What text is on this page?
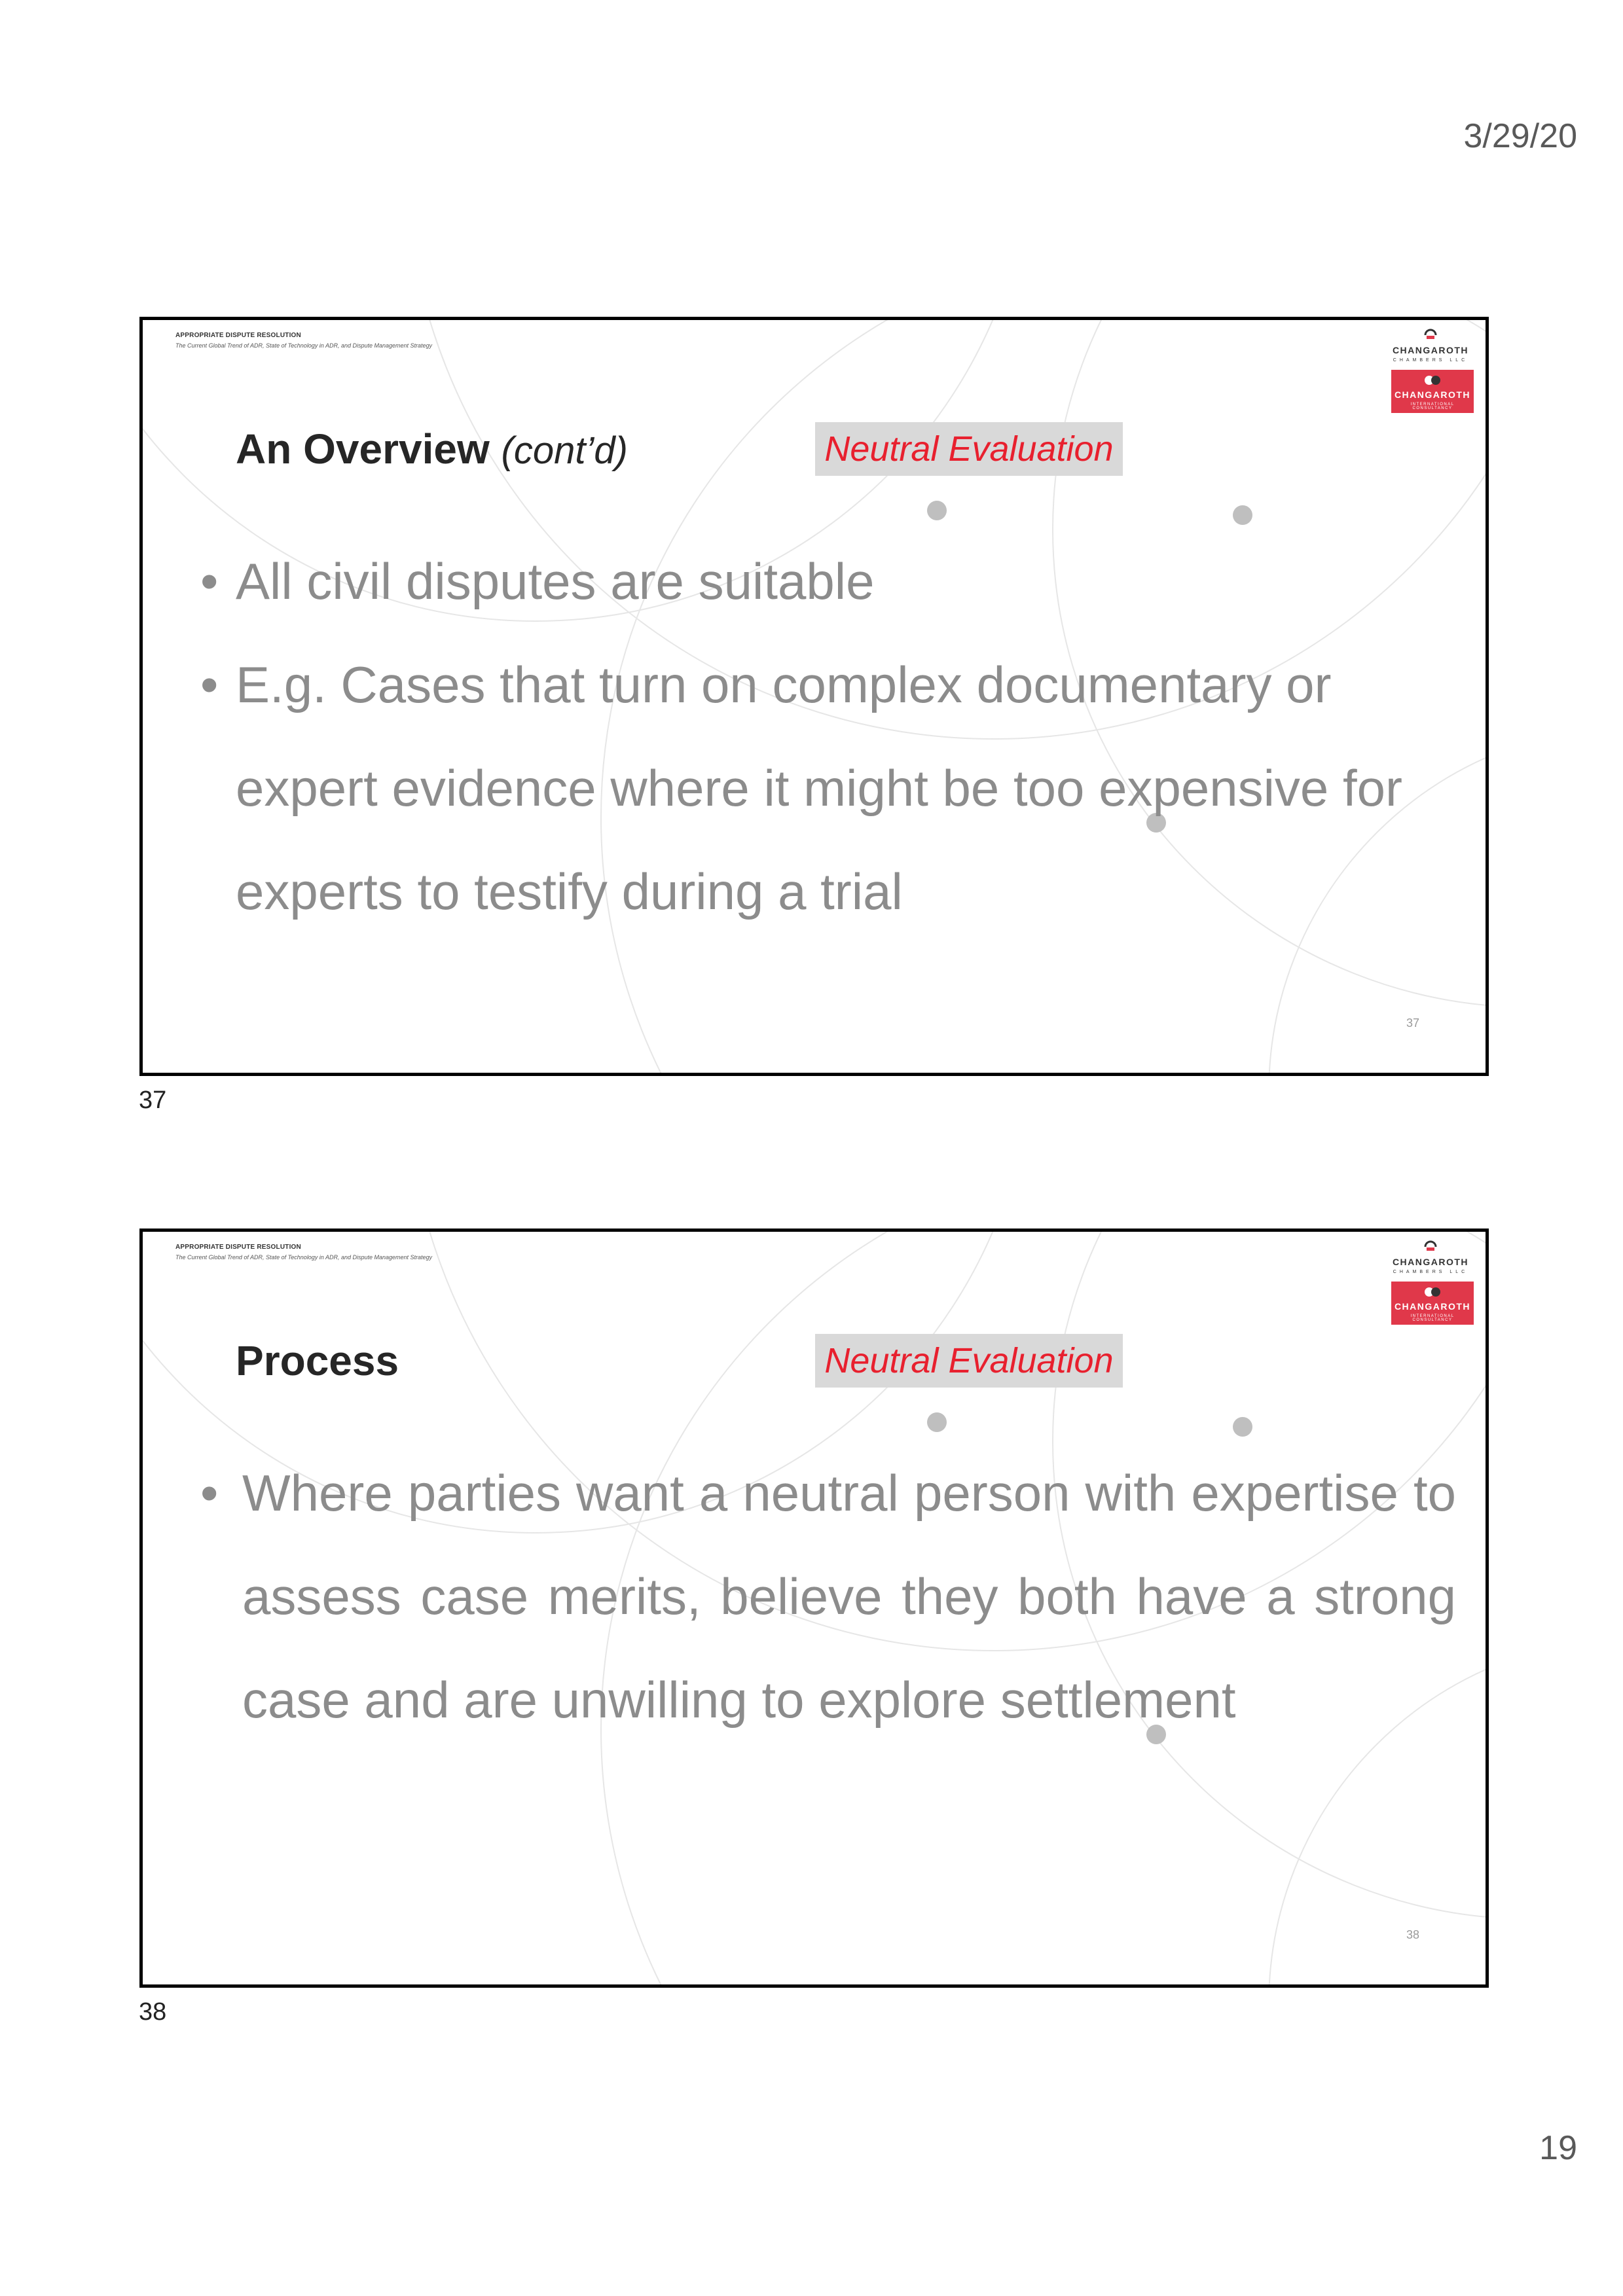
3/29/20
APPROPRIATE DISPUTE RESOLUTION
The Current Global Trend of ADR, State of Technology in ADR, and Dispute Management Strategy	CHANGAROTH
CHAMBERS LLC
CHANGAROTH
INTERNATIONAL CONSULTANCY
An Overview (cont’d)	Neutral Evaluation
• All civil disputes are suitable
• E.g. Cases that turn on complex documentary or expert evidence where it might be too expensive for experts to testify during a trial
37
37
APPROPRIATE DISPUTE RESOLUTION
The Current Global Trend of ADR, State of Technology in ADR, and Dispute Management Strategy	CHANGAROTH
CHAMBERS LLC
CHANGAROTH
INTERNATIONAL CONSULTANCY
Process	Neutral Evaluation
• Where parties want a neutral person with expertise to assess case merits, believe they both have a strong case and are unwilling to explore settlement
38
38
19
